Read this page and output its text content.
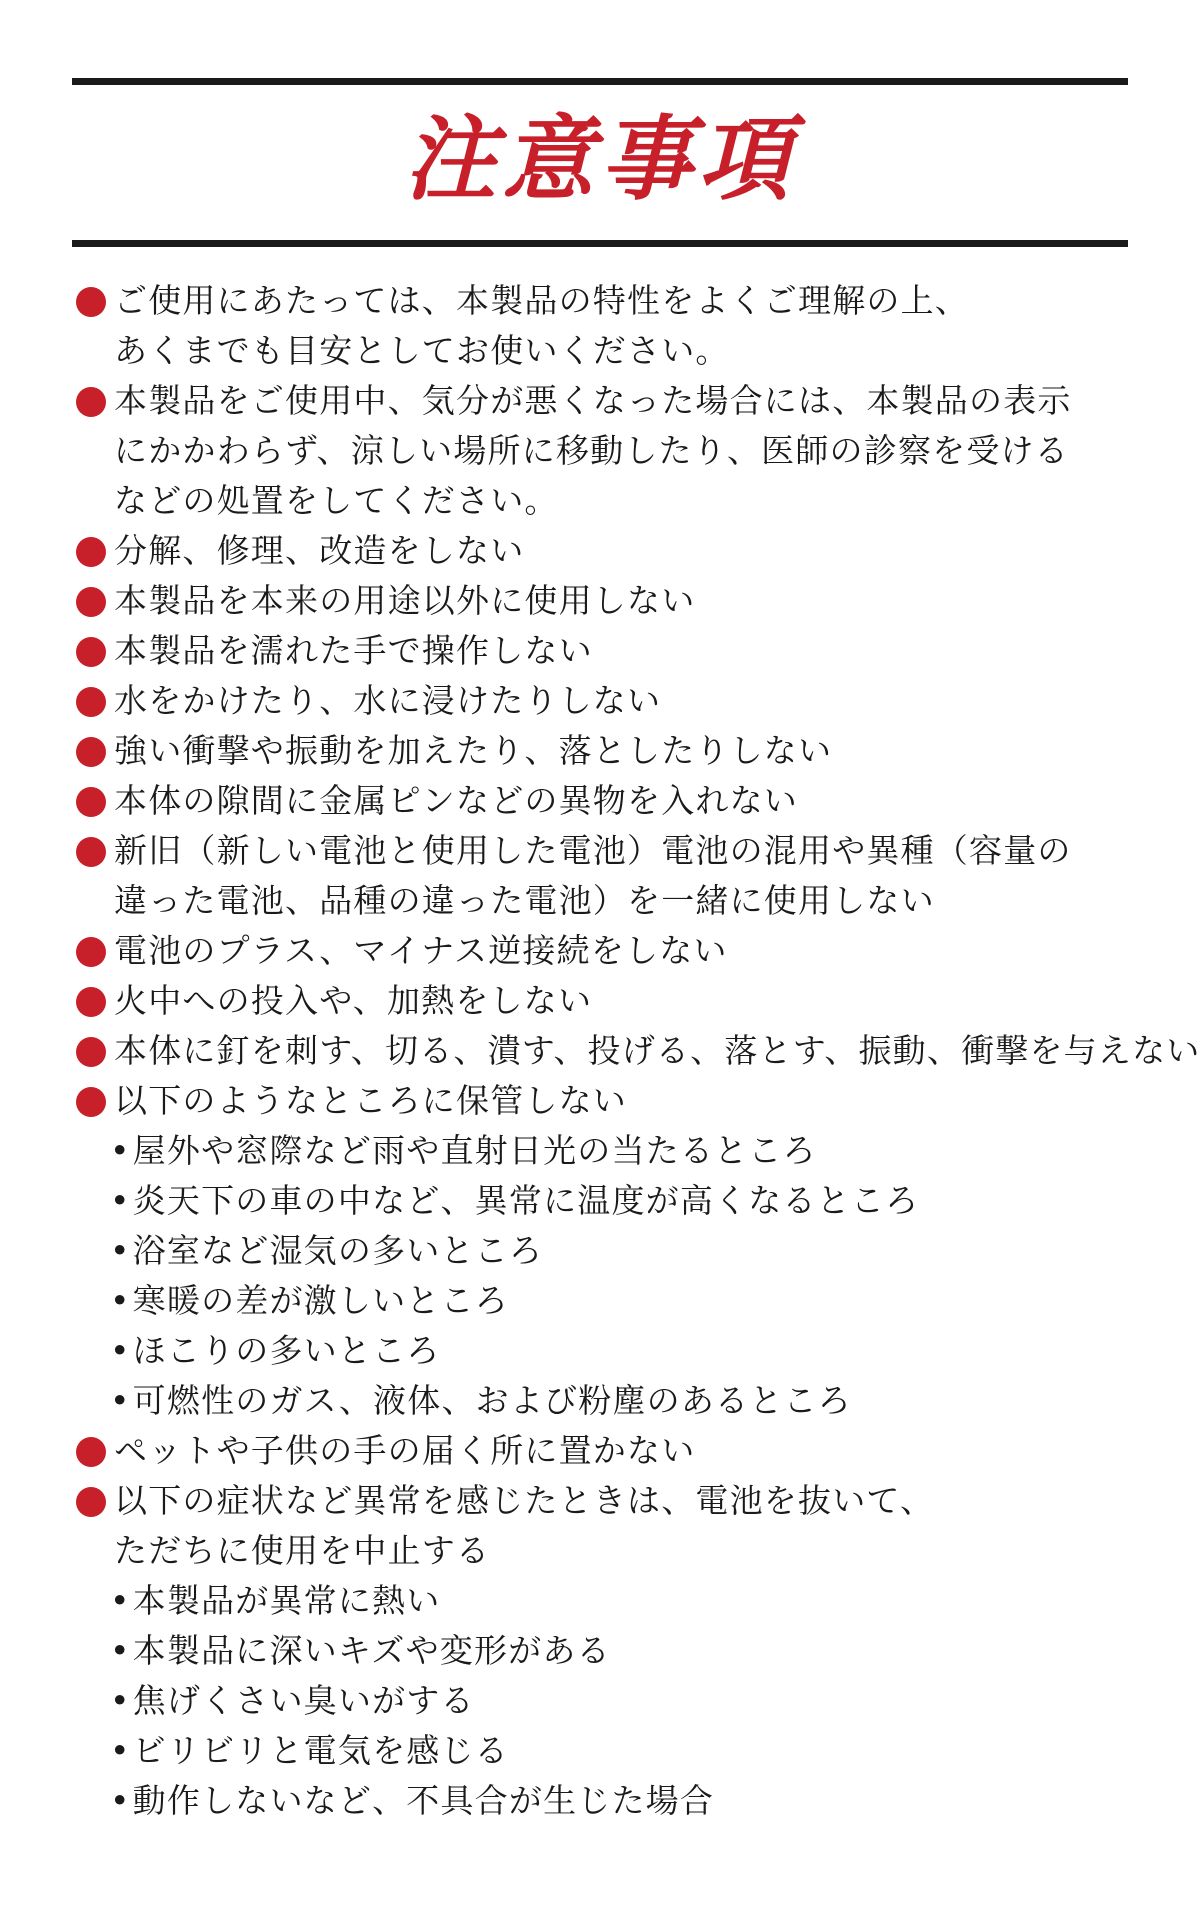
注意事項
ご使用にあたっては、本製品の特性をよくご理解の上、
あくまでも目安としてお使いください。
本製品をご使用中、気分が悪くなった場合には、本製品の表示
にかかわらず、涼しい場所に移動したり、医師の診察を受ける
などの処置をしてください。
分解、修理、改造をしない
本製品を本来の用途以外に使用しない
本製品を濡れた手で操作しない
水をかけたり、水に浸けたりしない
強い衝撃や振動を加えたり、落としたりしない
本体の隙間に金属ピンなどの異物を入れない
新旧（新しい電池と使用した電池）電池の混用や異種（容量の
違った電池、品種の違った電池）を一緒に使用しない
電池のプラス、マイナス逆接続をしない
火中への投入や、加熱をしない
本体に釘を刺す、切る、潰す、投げる、落とす、振動、衝撃を与えない
以下のようなところに保管しない
• 屋外や窓際など雨や直射日光の当たるところ
• 炎天下の車の中など、異常に温度が高くなるところ
• 浴室など湿気の多いところ
• 寒暖の差が激しいところ
• ほこりの多いところ
• 可燃性のガス、液体、および粉塵のあるところ
ペットや子供の手の届く所に置かない
以下の症状など異常を感じたときは、電池を抜いて、
ただちに使用を中止する
• 本製品が異常に熱い
• 本製品に深いキズや変形がある
• 焦げくさい臭いがする
• ビリビリと電気を感じる
• 動作しないなど、不具合が生じた場合
